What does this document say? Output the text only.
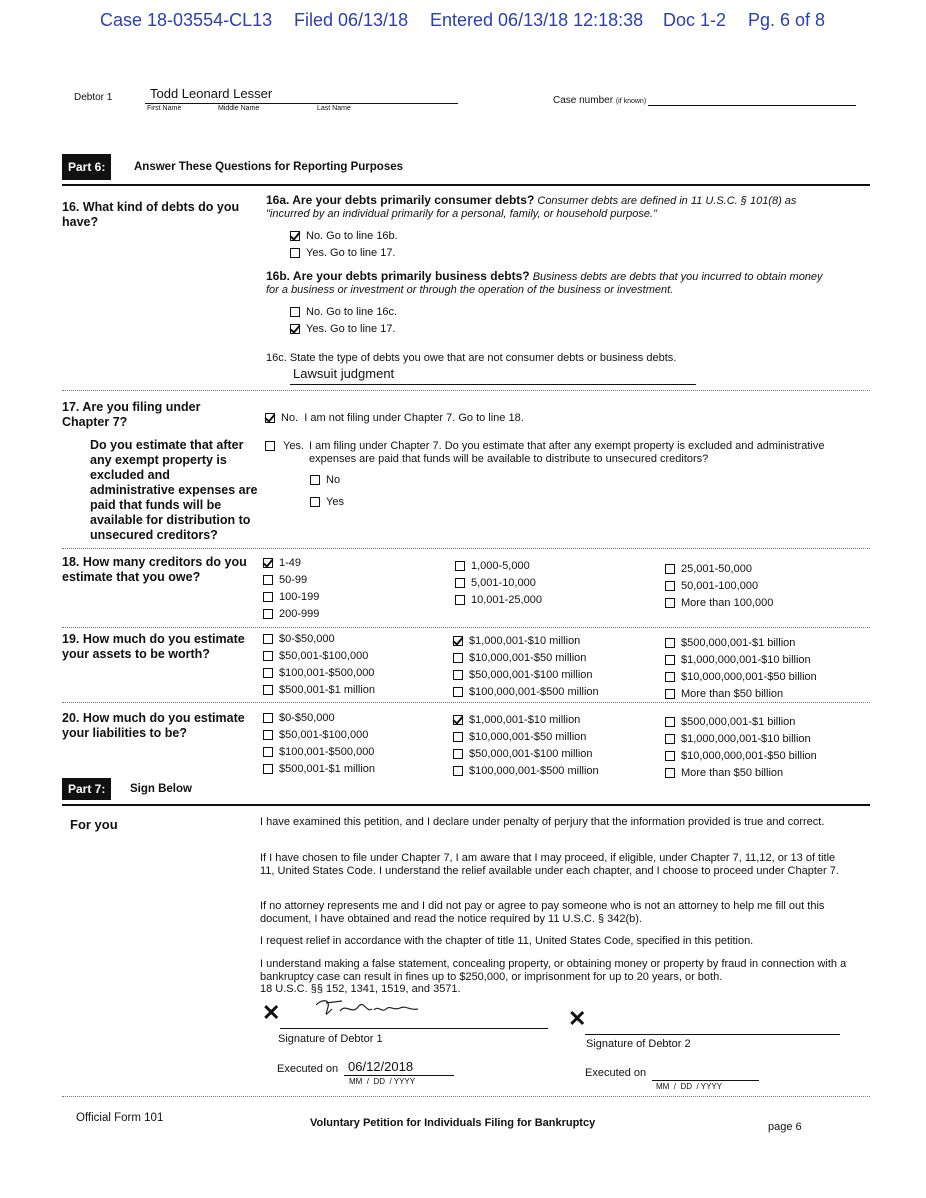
Case 18-03554-CL13 Filed 06/13/18 Entered 06/13/18 12:18:38 Doc 1-2 Pg. 6 of 8
Debtor 1	Todd Leonard Lesser
First Name	Middle Name	Last Name
Case number (if known)
Part 6:	Answer These Questions for Reporting Purposes
16. What kind of debts do you have?
16a. Are your debts primarily consumer debts? Consumer debts are defined in 11 U.S.C. § 101(8) as "incurred by an individual primarily for a personal, family, or household purpose."
No. Go to line 16b.
Yes. Go to line 17.
16b. Are your debts primarily business debts? Business debts are debts that you incurred to obtain money for a business or investment or through the operation of the business or investment.
No. Go to line 16c.
Yes. Go to line 17.
16c. State the type of debts you owe that are not consumer debts or business debts.
Lawsuit judgment
17. Are you filing under Chapter 7?
Do you estimate that after any exempt property is excluded and administrative expenses are paid that funds will be available for distribution to unsecured creditors?
No. I am not filing under Chapter 7. Go to line 18.
Yes. I am filing under Chapter 7. Do you estimate that after any exempt property is excluded and administrative expenses are paid that funds will be available to distribute to unsecured creditors?
No
Yes
18. How many creditors do you estimate that you owe?
1-49
50-99
100-199
200-999
1,000-5,000
5,001-10,000
10,001-25,000
25,001-50,000
50,001-100,000
More than 100,000
19. How much do you estimate your assets to be worth?
$0-$50,000
$50,001-$100,000
$100,001-$500,000
$500,001-$1 million
$1,000,001-$10 million
$10,000,001-$50 million
$50,000,001-$100 million
$100,000,001-$500 million
$500,000,001-$1 billion
$1,000,000,001-$10 billion
$10,000,000,001-$50 billion
More than $50 billion
20. How much do you estimate your liabilities to be?
$0-$50,000
$50,001-$100,000
$100,001-$500,000
$500,001-$1 million
$1,000,001-$10 million
$10,000,001-$50 million
$50,000,001-$100 million
$100,000,001-$500 million
$500,000,001-$1 billion
$1,000,000,001-$10 billion
$10,000,000,001-$50 billion
More than $50 billion
Part 7:	Sign Below
For you	I have examined this petition, and I declare under penalty of perjury that the information provided is true and correct.
If I have chosen to file under Chapter 7, I am aware that I may proceed, if eligible, under Chapter 7, 11,12, or 13 of title 11, United States Code. I understand the relief available under each chapter, and I choose to proceed under Chapter 7.
If no attorney represents me and I did not pay or agree to pay someone who is not an attorney to help me fill out this document, I have obtained and read the notice required by 11 U.S.C. § 342(b).
I request relief in accordance with the chapter of title 11, United States Code, specified in this petition.
I understand making a false statement, concealing property, or obtaining money or property by fraud in connection with a bankruptcy case can result in fines up to $250,000, or imprisonment for up to 20 years, or both.
18 U.S.C. §§ 152, 1341, 1519, and 3571.
✕
Signature of Debtor 1
✕
Signature of Debtor 2
Executed on 06/12/2018
MM  /  DD  / YYYY
Executed on
MM  /  DD  / YYYY
Official Form 101	Voluntary Petition for Individuals Filing for Bankruptcy	page 6
